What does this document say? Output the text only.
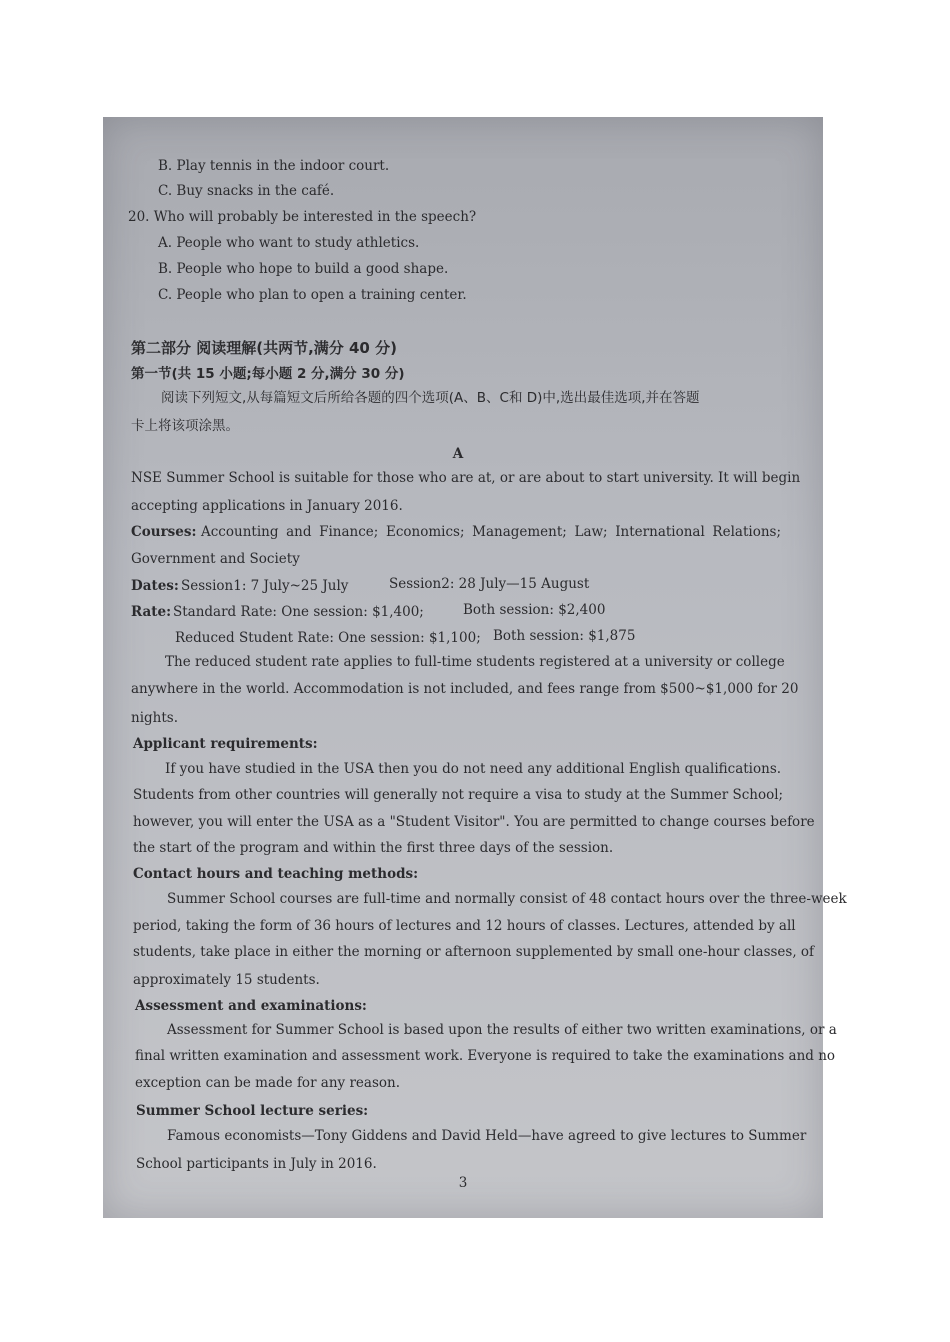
B. Play tennis in the indoor court.
C. Buy snacks in the café.
20. Who will probably be interested in the speech?
A. People who want to study athletics.
B. People who hope to build a good shape.
C. People who plan to open a training center.
第二部分 阅读理解(共两节,满分 40 分)
第一节(共 15 小题;每小题 2 分,满分 30 分)
阅读下列短文,从每篇短文后所给各题的四个选项(A、B、C和 D)中,选出最佳选项,并在答题
卡上将该项涂黑。
A
NSE Summer School is suitable for those who are at, or are about to start university. It will begin
accepting applications in January 2016.
Courses: Accounting and Finance; Economics; Management; Law; International Relations;
Government and Society
Dates: Session1: 7 July~25 July	Session2: 28 July—15 August
Rate: Standard Rate: One session: $1,400;	Both session: $2,400
Reduced Student Rate: One session: $1,100; Both session: $1,875
The reduced student rate applies to full-time students registered at a university or college
anywhere in the world. Accommodation is not included, and fees range from $500~$1,000 for 20
nights.
Applicant requirements:
If you have studied in the USA then you do not need any additional English qualifications.
Students from other countries will generally not require a visa to study at the Summer School;
however, you will enter the USA as a "Student Visitor". You are permitted to change courses before
the start of the program and within the first three days of the session.
Contact hours and teaching methods:
Summer School courses are full-time and normally consist of 48 contact hours over the three-week
period, taking the form of 36 hours of lectures and 12 hours of classes. Lectures, attended by all
students, take place in either the morning or afternoon supplemented by small one-hour classes, of
approximately 15 students.
Assessment and examinations:
Assessment for Summer School is based upon the results of either two written examinations, or a
final written examination and assessment work. Everyone is required to take the examinations and no
exception can be made for any reason.
Summer School lecture series:
Famous economists—Tony Giddens and David Held—have agreed to give lectures to Summer
School participants in July in 2016.
3
